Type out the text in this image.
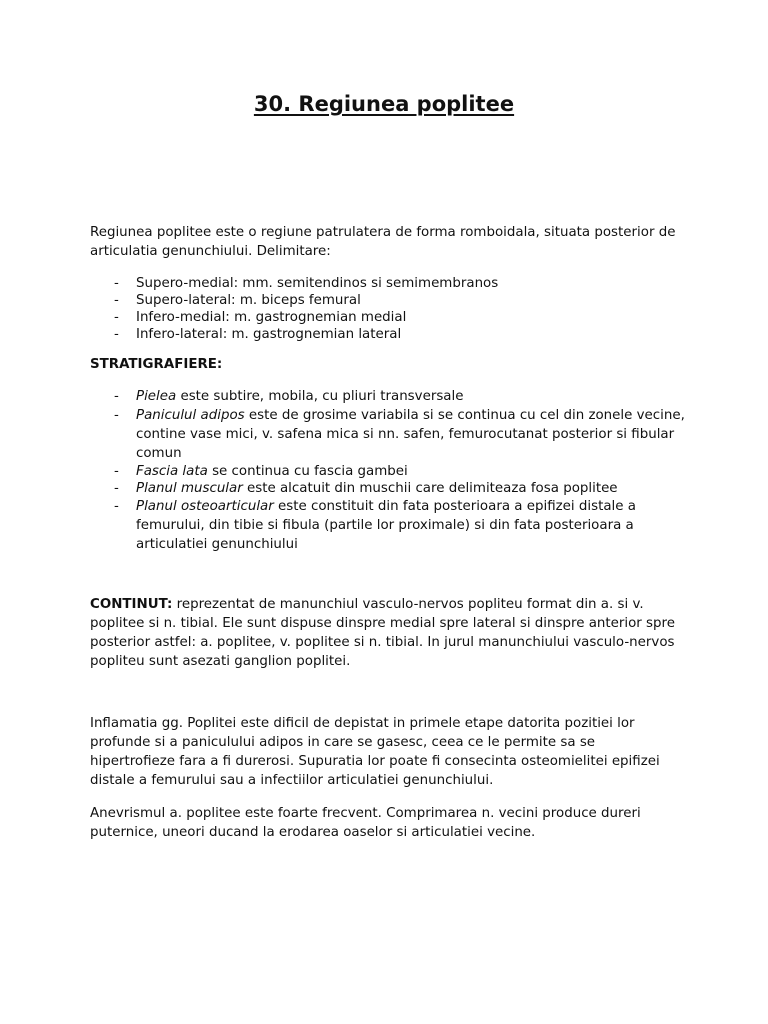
30. Regiunea poplitee

Regiunea poplitee este o regiune patrulatera de forma romboidala, situata posterior de articulatia genunchiului. Delimitare:

- Supero-medial: mm. semitendinos si semimembranos
- Supero-lateral: m. biceps femural
- Infero-medial: m. gastrognemian medial
- Infero-lateral: m. gastrognemian lateral
STRATIGRAFIERE:
- Pielea este subtire, mobila, cu pliuri transversale
- Paniculul adipos este de grosime variabila si se continua cu cel din zonele vecine, contine vase mici, v. safena mica si nn. safen, femurocutanat posterior si fibular comun
- Fascia lata se continua cu fascia gambei
- Planul muscular este alcatuit din muschii care delimiteaza fosa poplitee
- Planul osteoarticular este constituit din fata posterioara a epifizei distale a femurului, din tibie si fibula (partile lor proximale) si din fata posterioara a articulatiei genunchiului

CONTINUT: reprezentat de manunchiul vasculo-nervos popliteu format din a. si v. poplitee si n. tibial. Ele sunt dispuse dinspre medial spre lateral si dinspre anterior spre posterior astfel: a. poplitee, v. poplitee si n. tibial. In jurul manunchiului vasculo-nervos popliteu sunt asezati ganglion poplitei.

Inflamatia gg. Poplitei este dificil de depistat in primele etape datorita pozitiei lor profunde si a paniculului adipos in care se gasesc, ceea ce le permite sa se hipertrofieze fara a fi durerosi. Supuratia lor poate fi consecinta osteomielitei epifizei distale a femurului sau a infectiilor articulatiei genunchiului.

Anevrismul a. poplitee este foarte frecvent. Comprimarea n. vecini produce dureri puternice, uneori ducand la erodarea oaselor si articulatiei vecine.
